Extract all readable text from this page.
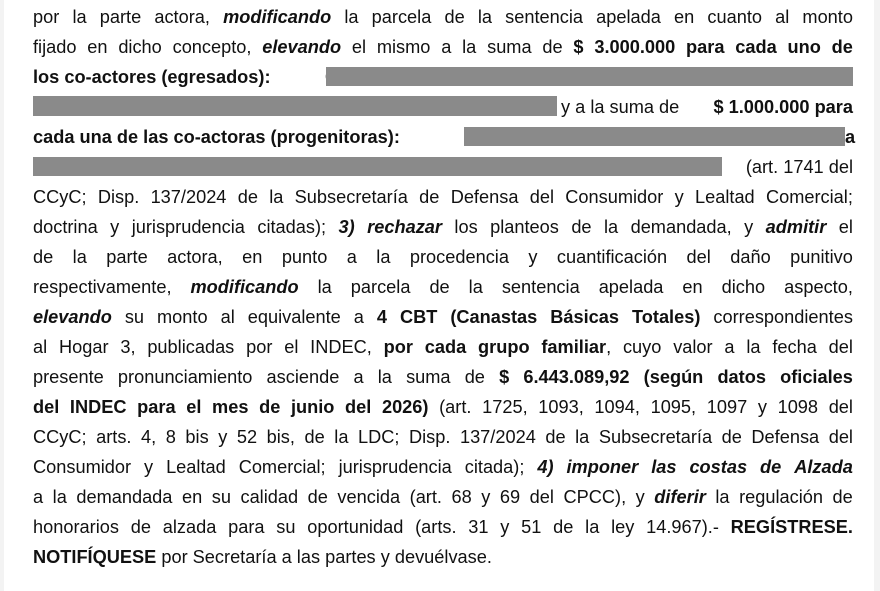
por la parte actora, modificando la parcela de la sentencia apelada en cuanto al monto
fijado en dicho concepto, elevando el mismo a la suma de $ 3.000.000 para cada uno de
los co-actores (egresados):
y a la suma de $ 1.000.000 para
cada una de las co-actoras (progenitoras):	a
(art. 1741 del
CCyC; Disp. 137/2024 de la Subsecretaría de Defensa del Consumidor y Lealtad Comercial;
doctrina y jurisprudencia citadas); 3) rechazar los planteos de la demandada, y admitir el
de la parte actora, en punto a la procedencia y cuantificación del daño punitivo
respectivamente, modificando la parcela de la sentencia apelada en dicho aspecto,
elevando su monto al equivalente a 4 CBT (Canastas Básicas Totales) correspondientes
al Hogar 3, publicadas por el INDEC, por cada grupo familiar, cuyo valor a la fecha del
presente pronunciamiento asciende a la suma de $ 6.443.089,92 (según datos oficiales
del INDEC para el mes de junio del 2026) (art. 1725, 1093, 1094, 1095, 1097 y 1098 del
CCyC; arts. 4, 8 bis y 52 bis, de la LDC; Disp. 137/2024 de la Subsecretaría de Defensa del
Consumidor y Lealtad Comercial; jurisprudencia citada); 4) imponer las costas de Alzada
a la demandada en su calidad de vencida (art. 68 y 69 del CPCC), y diferir la regulación de
honorarios de alzada para su oportunidad (arts. 31 y 51 de la ley 14.967).- REGÍSTRESE.
NOTIFÍQUESE por Secretaría a las partes y devuélvase.
